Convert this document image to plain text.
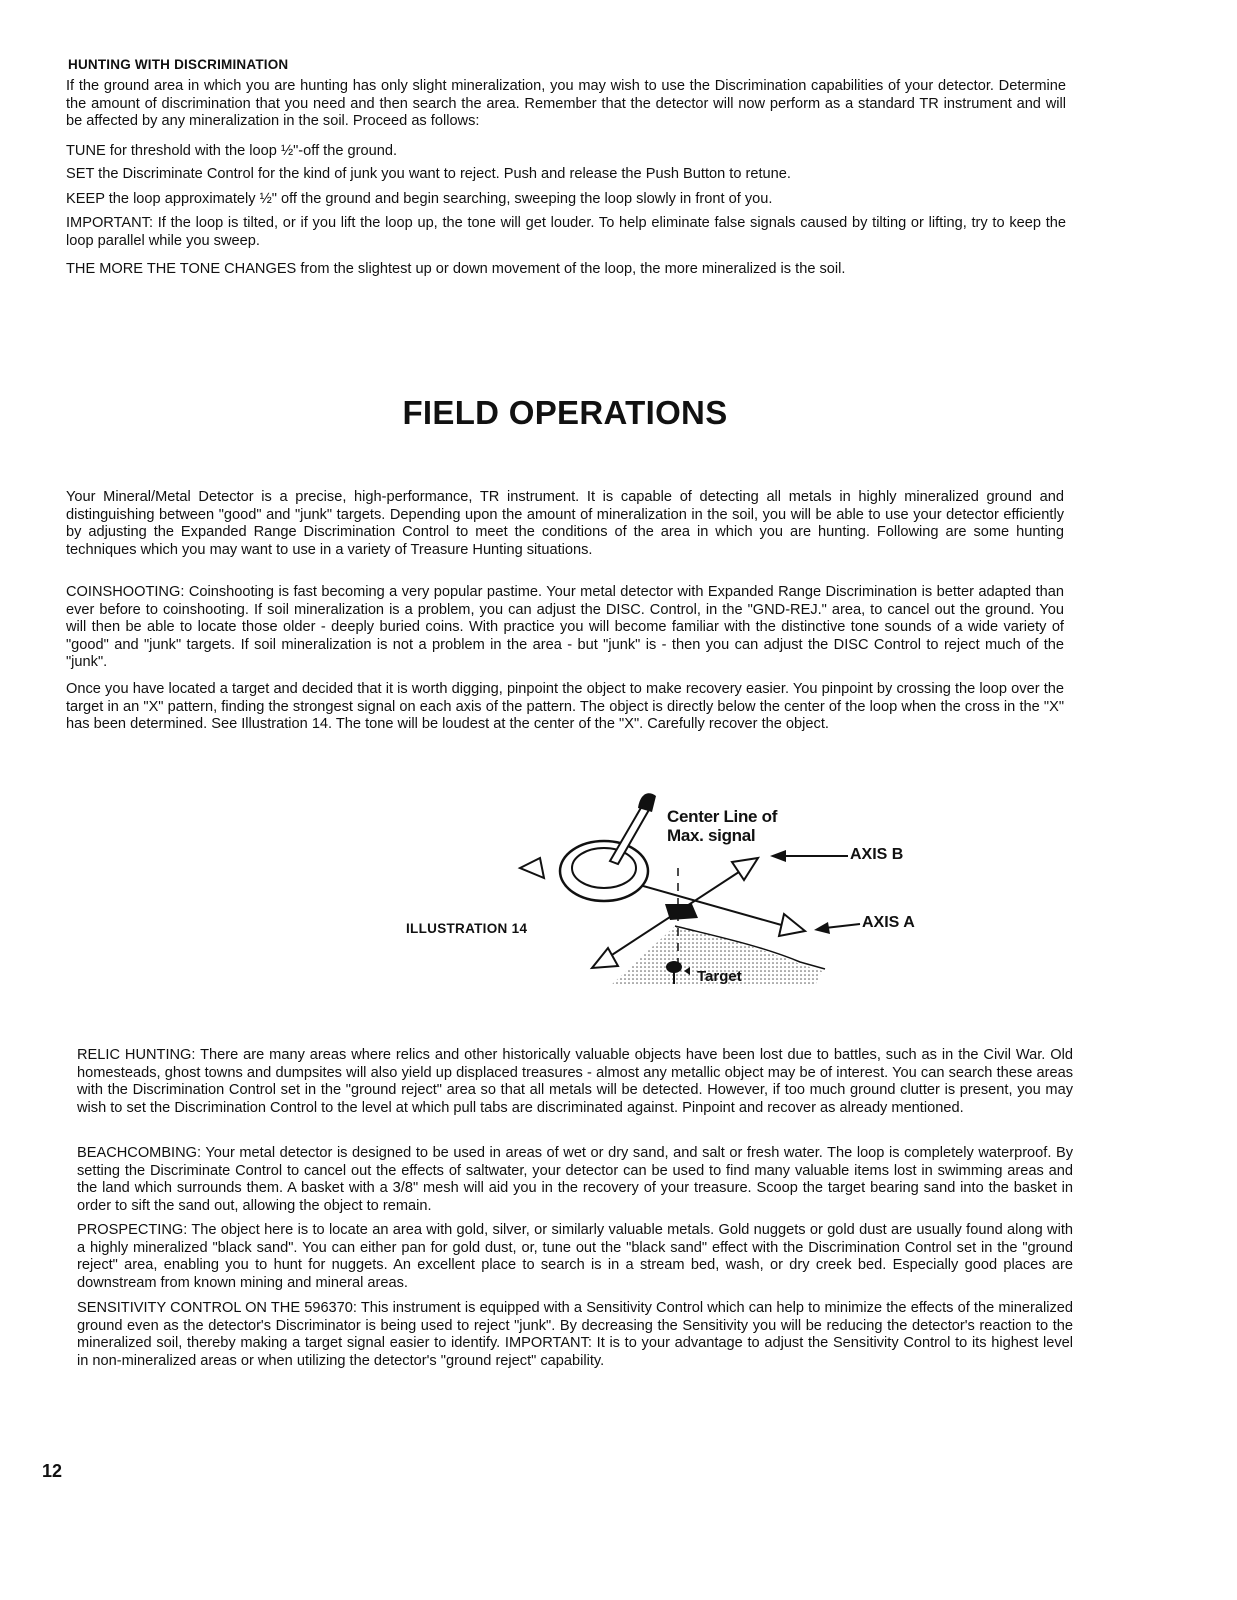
HUNTING WITH DISCRIMINATION

If the ground area in which you are hunting has only slight mineralization, you may wish to use the Discrimination capabilities of your detector. Determine the amount of discrimination that you need and then search the area. Remember that the detector will now perform as a standard TR instrument and will be affected by any mineralization in the soil. Proceed as follows:

TUNE for threshold with the loop ½"-off the ground.

SET the Discriminate Control for the kind of junk you want to reject. Push and release the Push Button to retune.

KEEP the loop approximately ½" off the ground and begin searching, sweeping the loop slowly in front of you.

IMPORTANT: If the loop is tilted, or if you lift the loop up, the tone will get louder. To help eliminate false signals caused by tilting or lifting, try to keep the loop parallel while you sweep.

THE MORE THE TONE CHANGES from the slightest up or down movement of the loop, the more mineralized is the soil.

FIELD OPERATIONS

Your Mineral/Metal Detector is a precise, high-performance, TR instrument. It is capable of detecting all metals in highly mineralized ground and distinguishing between "good" and "junk" targets. Depending upon the amount of mineralization in the soil, you will be able to use your detector efficiently by adjusting the Expanded Range Discrimination Control to meet the conditions of the area in which you are hunting. Following are some hunting techniques which you may want to use in a variety of Treasure Hunting situations.

COINSHOOTING: Coinshooting is fast becoming a very popular pastime. Your metal detector with Expanded Range Discrimination is better adapted than ever before to coinshooting. If soil mineralization is a problem, you can adjust the DISC. Control, in the "GND-REJ." area, to cancel out the ground. You will then be able to locate those older - deeply buried coins. With practice you will become familiar with the distinctive tone sounds of a wide variety of "good" and "junk" targets. If soil mineralization is not a problem in the area - but "junk" is - then you can adjust the DISC Control to reject much of the "junk".

Once you have located a target and decided that it is worth digging, pinpoint the object to make recovery easier. You pinpoint by crossing the loop over the target in an "X" pattern, finding the strongest signal on each axis of the pattern. The object is directly below the center of the loop when the cross in the "X" has been determined. See Illustration 14. The tone will be loudest at the center of the "X". Carefully recover the object.

ILLUSTRATION 14
Center Line of
Max. signal
AXIS B
AXIS A
Target

RELIC HUNTING: There are many areas where relics and other historically valuable objects have been lost due to battles, such as in the Civil War. Old homesteads, ghost towns and dumpsites will also yield up displaced treasures - almost any metallic object may be of interest. You can search these areas with the Discrimination Control set in the "ground reject" area so that all metals will be detected. However, if too much ground clutter is present, you may wish to set the Discrimination Control to the level at which pull tabs are discriminated against. Pinpoint and recover as already mentioned.

BEACHCOMBING: Your metal detector is designed to be used in areas of wet or dry sand, and salt or fresh water. The loop is completely waterproof. By setting the Discriminate Control to cancel out the effects of saltwater, your detector can be used to find many valuable items lost in swimming areas and the land which surrounds them. A basket with a 3/8" mesh will aid you in the recovery of your treasure. Scoop the target bearing sand into the basket in order to sift the sand out, allowing the object to remain.

PROSPECTING: The object here is to locate an area with gold, silver, or similarly valuable metals. Gold nuggets or gold dust are usually found along with a highly mineralized "black sand". You can either pan for gold dust, or, tune out the "black sand" effect with the Discrimination Control set in the "ground reject" area, enabling you to hunt for nuggets. An excellent place to search is in a stream bed, wash, or dry creek bed. Especially good places are downstream from known mining and mineral areas.

SENSITIVITY CONTROL ON THE 596370: This instrument is equipped with a Sensitivity Control which can help to minimize the effects of the mineralized ground even as the detector's Discriminator is being used to reject "junk". By decreasing the Sensitivity you will be reducing the detector's reaction to the mineralized soil, thereby making a target signal easier to identify. IMPORTANT: It is to your advantage to adjust the Sensitivity Control to its highest level in non-mineralized areas or when utilizing the detector's "ground reject" capability.

12
